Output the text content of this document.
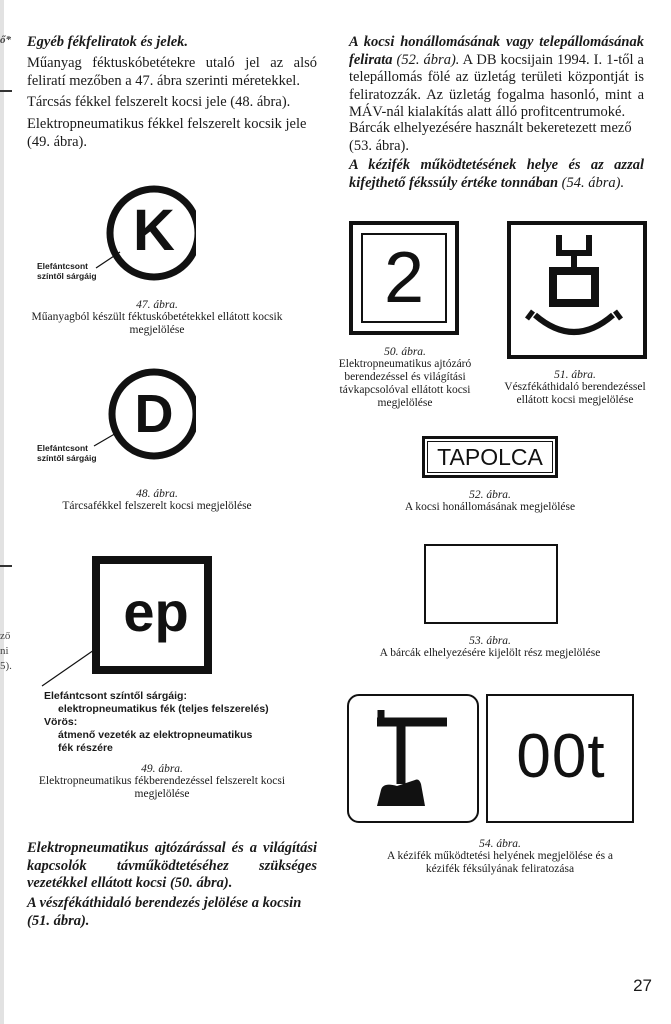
ő*
ző
ni
5).
Egyéb fékfeliratok és jelek.
Műanyag féktuskóbetétekre utaló jel az alsó feliratí mezőben a 47. ábra szerinti méretekkel.
Tárcsás fékkel felszerelt kocsi jele (48. ábra).
Elektropneumatikus fékkel felszerelt kocsik jele (49. ábra).
K
Elefántcsont
színtől sárgáig
47. ábra.
Műanyagból készült féktuskóbetétekkel ellátott kocsik megjelölése
D
Elefántcsont
színtől sárgáig
48. ábra.
Tárcsafékkel felszerelt kocsi megjelölése
ep
Elefántcsont színtől sárgáig:
elektropneumatikus fék (teljes felszerelés)
Vörös:
átmenő vezeték az elektropneumatikus
fék részére
49. ábra.
Elektropneumatikus fékberendezéssel felszerelt kocsi megjelölése
Elektropneumatikus ajtózárással és a világítási kapcsolók távműködtetéséhez szükséges vezetékkel ellátott kocsi (50. ábra).
A vészfékáthidaló berendezés jelölése a kocsin (51. ábra).
A kocsi honállomásának vagy telepállomásának felirata (52. ábra). A DB kocsijain 1994. I. 1-től a telepállomás fölé az üzletág területi központját is feliratozzák. Az üzletág fogalma hasonló, mint a MÁV-nál kialakítás alatt álló profitcentrumoké.
Bárcák elhelyezésére használt bekeretezett mező (53. ábra).
A kézifék működtetésének helye és az azzal kifejthető fékssúly értéke tonnában (54. ábra).
2
50. ábra.
Elektropneumatikus ajtózáró berendezéssel és világítási távkapcsolóval ellátott kocsi megjelölése
51. ábra.
Vészfékáthidaló berendezéssel ellátott kocsi megjelölése
TAPOLCA
52. ábra.
A kocsi honállomásának megjelölése
53. ábra.
A bárcák elhelyezésére kijelölt rész megjelölése
00t
54. ábra.
A kézifék működtetési helyének megjelölése és a kézifék féksúlyának feliratozása
27
